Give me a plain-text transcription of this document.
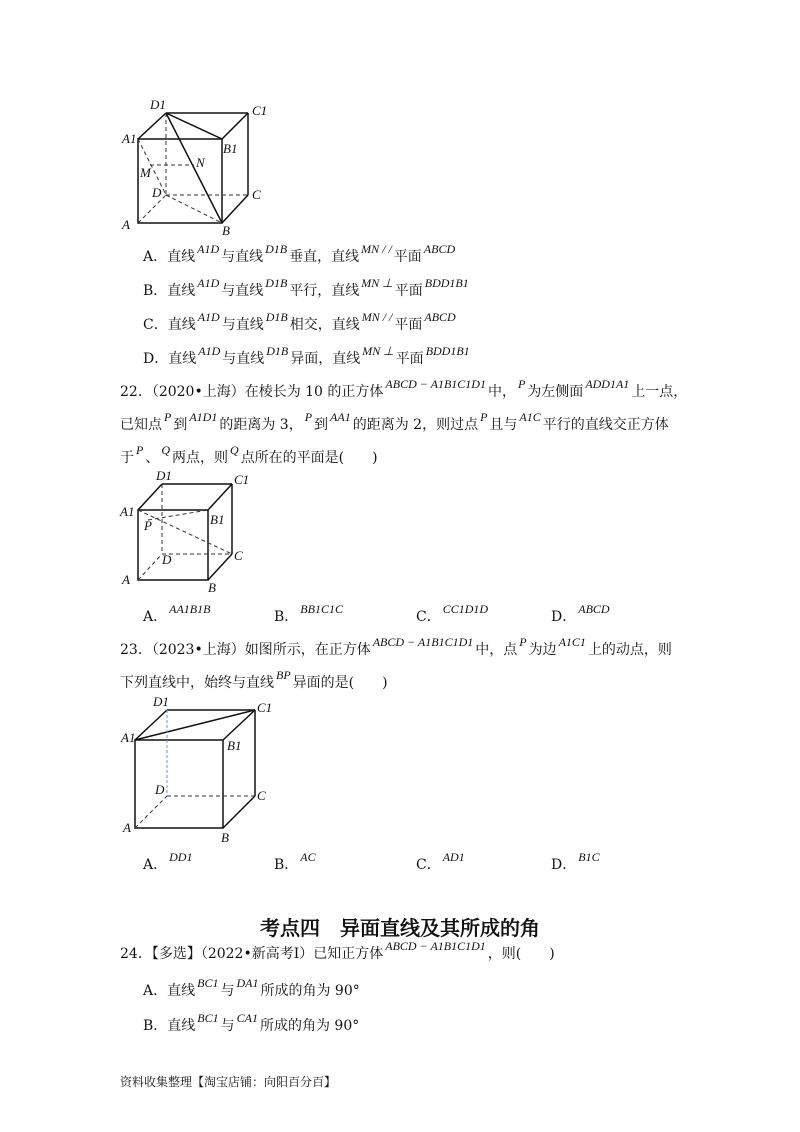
D1	C1
A1
B1
N
M
D	C
A	B
A．直线 A1D 与直线 D1B 垂直，直线 MN / / 平面 ABCD
B．直线 A1D 与直线 D1B 平行，直线 MN ⊥ 平面 BDD1B1
C．直线 A1D 与直线 D1B 相交，直线 MN / / 平面 ABCD
D．直线 A1D 与直线 D1B 异面，直线 MN ⊥ 平面 BDD1B1
22．（2020•上海）在棱长为 10 的正方体 ABCD − A1B1C1D1 中， P 为左侧面 ADD1A1 上一点，
已知点 P 到 A1D1 的距离为 3， P 到 AA1 的距离为 2，则过点 P 且与 A1C 平行的直线交正方体
于 P 、 Q 两点，则 Q 点所在的平面是(　　)
D1	C1
A1
P	B1
D	C
A
B
A． AA1B1B	B． BB1C1C	C． CC1D1D	D． ABCD
23．（2023•上海）如图所示，在正方体 ABCD − A1B1C1D1 中，点 P 为边 A1C1 上的动点，则
下列直线中，始终与直线 BP 异面的是(　　)
D1	C1
A1
B1
D	C
A
B
A． DD1	B． AC	C． AD1	D． B1C
考点四　异面直线及其所成的角
24．【多选】（2022•新高考Ⅰ）已知正方体 ABCD − A1B1C1D1 ，则(　　)
A．直线 BC1 与 DA1 所成的角为 90°
B．直线 BC1 与 CA1 所成的角为 90°
资料收集整理【淘宝店铺：向阳百分百】
